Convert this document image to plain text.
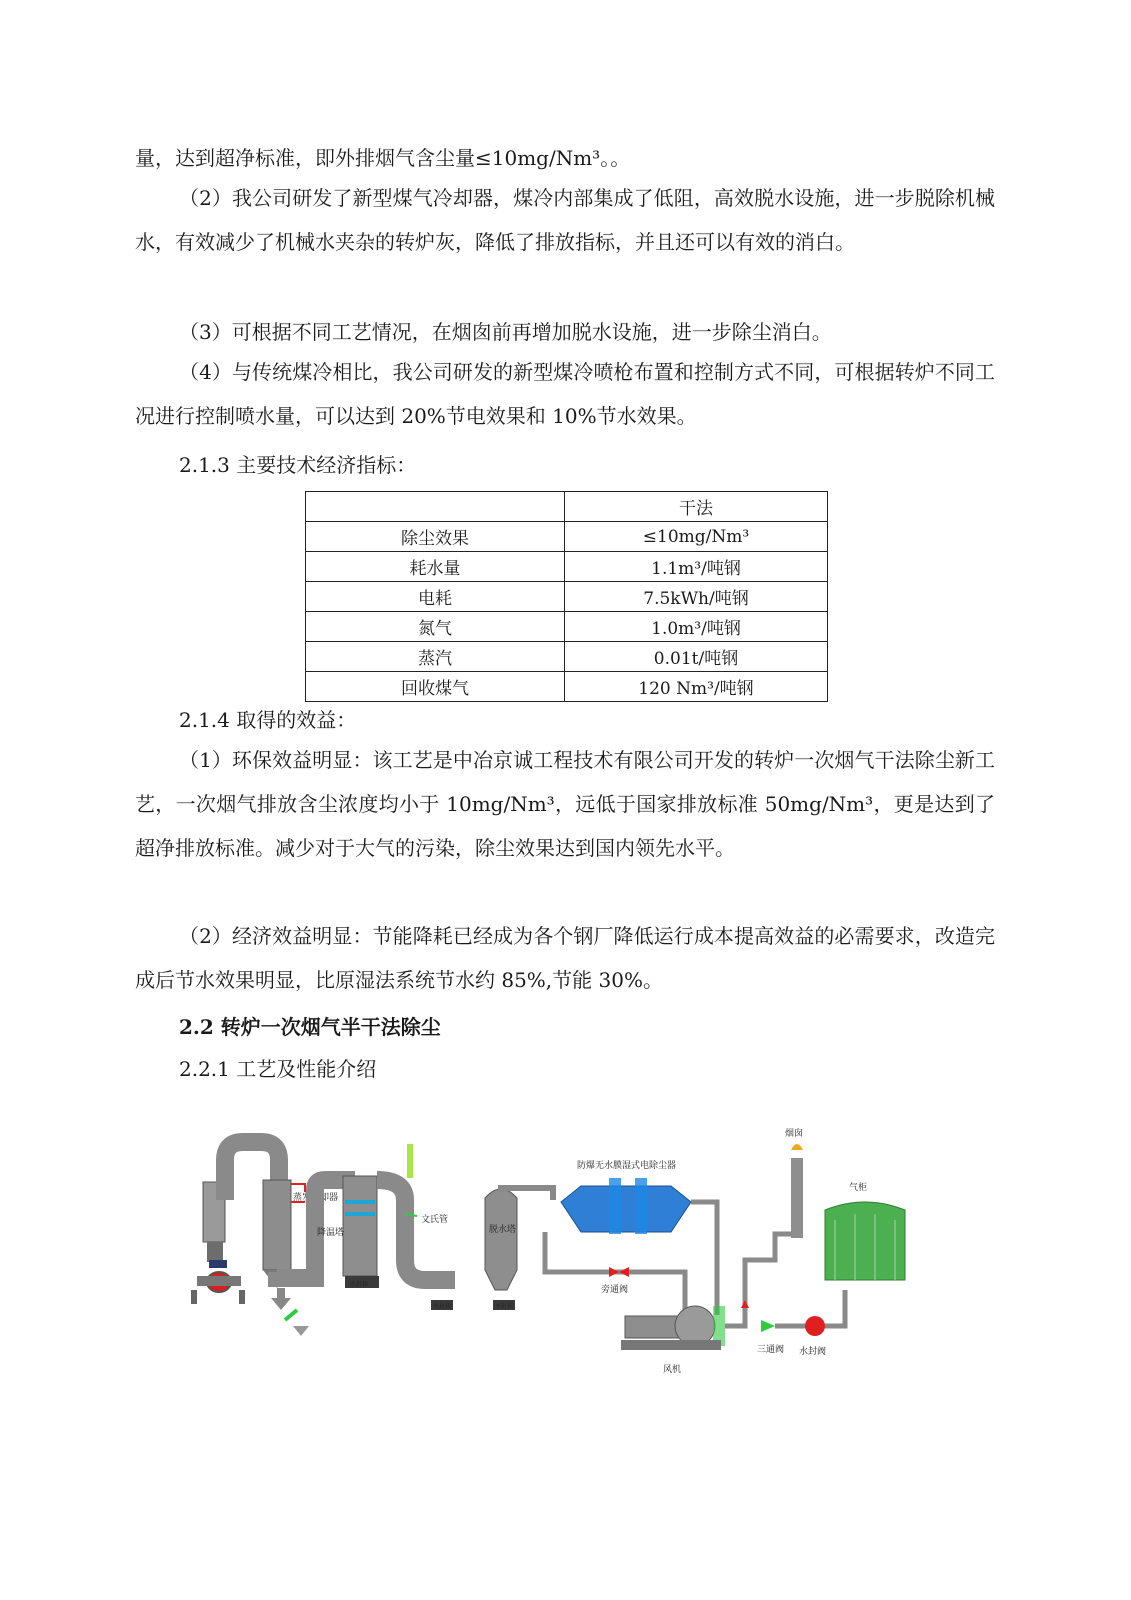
量，达到超净标准，即外排烟气含尘量≤10mg/Nm³。。

（2）我公司研发了新型煤气冷却器，煤冷内部集成了低阻，高效脱水设施，进一步脱除机械水，有效减少了机械水夹杂的转炉灰，降低了排放指标，并且还可以有效的消白。

（3）可根据不同工艺情况，在烟囱前再增加脱水设施，进一步除尘消白。

（4）与传统煤冷相比，我公司研发的新型煤冷喷枪布置和控制方式不同，可根据转炉不同工况进行控制喷水量，可以达到 20%节电效果和 10%节水效果。

2.1.3 主要技术经济指标：

	干法
除尘效果	≤10mg/Nm³
耗水量	1.1m³/吨钢
电耗	7.5kWh/吨钢
氮气	1.0m³/吨钢
蒸汽	0.01t/吨钢
回收煤气	120 Nm³/吨钢

2.1.4 取得的效益：

（1）环保效益明显：该工艺是中冶京诚工程技术有限公司开发的转炉一次烟气干法除尘新工艺，一次烟气排放含尘浓度均小于 10mg/Nm³，远低于国家排放标准 50mg/Nm³，更是达到了超净排放标准。减少对于大气的污染，除尘效果达到国内领先水平。

（2）经济效益明显：节能降耗已经成为各个钢厂降低运行成本提高效益的必需要求，改造完成后节水效果明显，比原湿法系统节水约 85%,节能 30%。

2.2 转炉一次烟气半干法除尘

2.2.1 工艺及性能介绍

蒸发冷却器
降温塔
水封箱
文氏管
脱水塔
水封箱	水封箱
防爆无水膜湿式电除尘器
旁通阀
风机
烟囱
三通阀 水封阀
气柜
